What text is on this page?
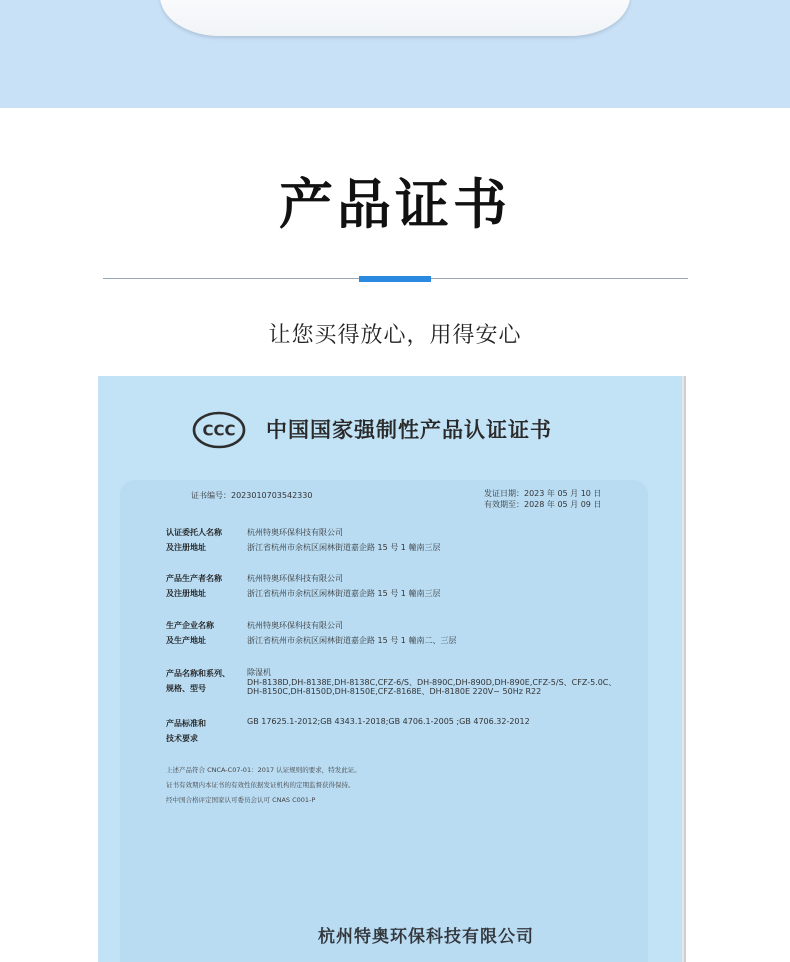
产品证书

让您买得放心，用得安心

CCC 中国国家强制性产品认证证书
证书编号：2023010703542330	发证日期：2023 年 05 月 10 日
有效期至：2028 年 05 月 09 日
认证委托人名称
及注册地址
杭州特奥环保科技有限公司
浙江省杭州市余杭区闲林街道嘉企路 15 号 1 幢南三层
产品生产者名称
及注册地址
杭州特奥环保科技有限公司
浙江省杭州市余杭区闲林街道嘉企路 15 号 1 幢南三层
生产企业名称
及生产地址
杭州特奥环保科技有限公司
浙江省杭州市余杭区闲林街道嘉企路 15 号 1 幢南二、三层
产品名称和系列、
规格、型号
除湿机
DH-8138D,DH-8138E,DH-8138C,CFZ-6/S、DH-890C,DH-890D,DH-890E,CFZ-5/S、CFZ-5.0C、
DH-8150C,DH-8150D,DH-8150E,CFZ-8168E、DH-8180E 220V~ 50Hz R22
产品标准和
技术要求
GB 17625.1-2012;GB 4343.1-2018;GB 4706.1-2005 ;GB 4706.32-2012
上述产品符合 CNCA-C07-01：2017 认证规则的要求，特发此证。
证书有效期内本证书的有效性依据发证机构的定期监督获得保持。
经中国合格评定国家认可委员会认可 CNAS C001-P
杭州特奥环保科技有限公司
